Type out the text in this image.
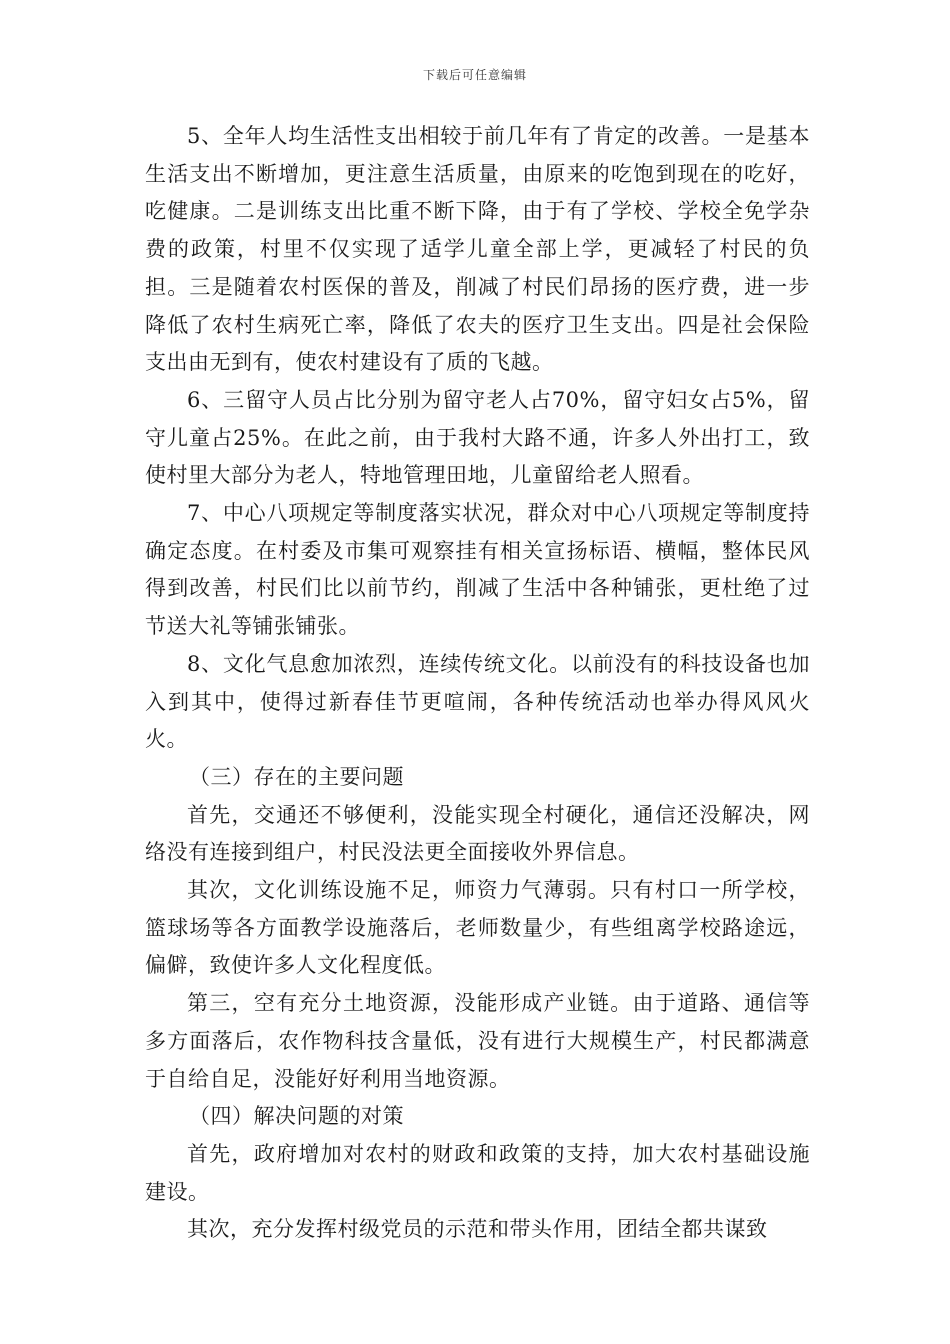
下载后可任意编辑

5、全年人均生活性支出相较于前几年有了肯定的改善。一是基本生活支出不断增加，更注意生活质量，由原来的吃饱到现在的吃好，吃健康。二是训练支出比重不断下降，由于有了学校、学校全免学杂费的政策，村里不仅实现了适学儿童全部上学，更减轻了村民的负担。三是随着农村医保的普及，削减了村民们昂扬的医疗费，进一步降低了农村生病死亡率，降低了农夫的医疗卫生支出。四是社会保险支出由无到有，使农村建设有了质的飞越。

6、三留守人员占比分别为留守老人占70%，留守妇女占5%，留守儿童占25%。在此之前，由于我村大路不通，许多人外出打工，致使村里大部分为老人，特地管理田地，儿童留给老人照看。

7、中心八项规定等制度落实状况，群众对中心八项规定等制度持确定态度。在村委及市集可观察挂有相关宣扬标语、横幅，整体民风得到改善，村民们比以前节约，削减了生活中各种铺张，更杜绝了过节送大礼等铺张铺张。

8、文化气息愈加浓烈，连续传统文化。以前没有的科技设备也加入到其中，使得过新春佳节更喧闹，各种传统活动也举办得风风火火。

（三）存在的主要问题

首先，交通还不够便利，没能实现全村硬化，通信还没解决，网络没有连接到组户，村民没法更全面接收外界信息。

其次，文化训练设施不足，师资力气薄弱。只有村口一所学校，篮球场等各方面教学设施落后，老师数量少，有些组离学校路途远，偏僻，致使许多人文化程度低。

第三，空有充分土地资源，没能形成产业链。由于道路、通信等多方面落后，农作物科技含量低，没有进行大规模生产，村民都满意于自给自足，没能好好利用当地资源。

（四）解决问题的对策

首先，政府增加对农村的财政和政策的支持，加大农村基础设施建设。

其次，充分发挥村级党员的示范和带头作用，团结全都共谋致
